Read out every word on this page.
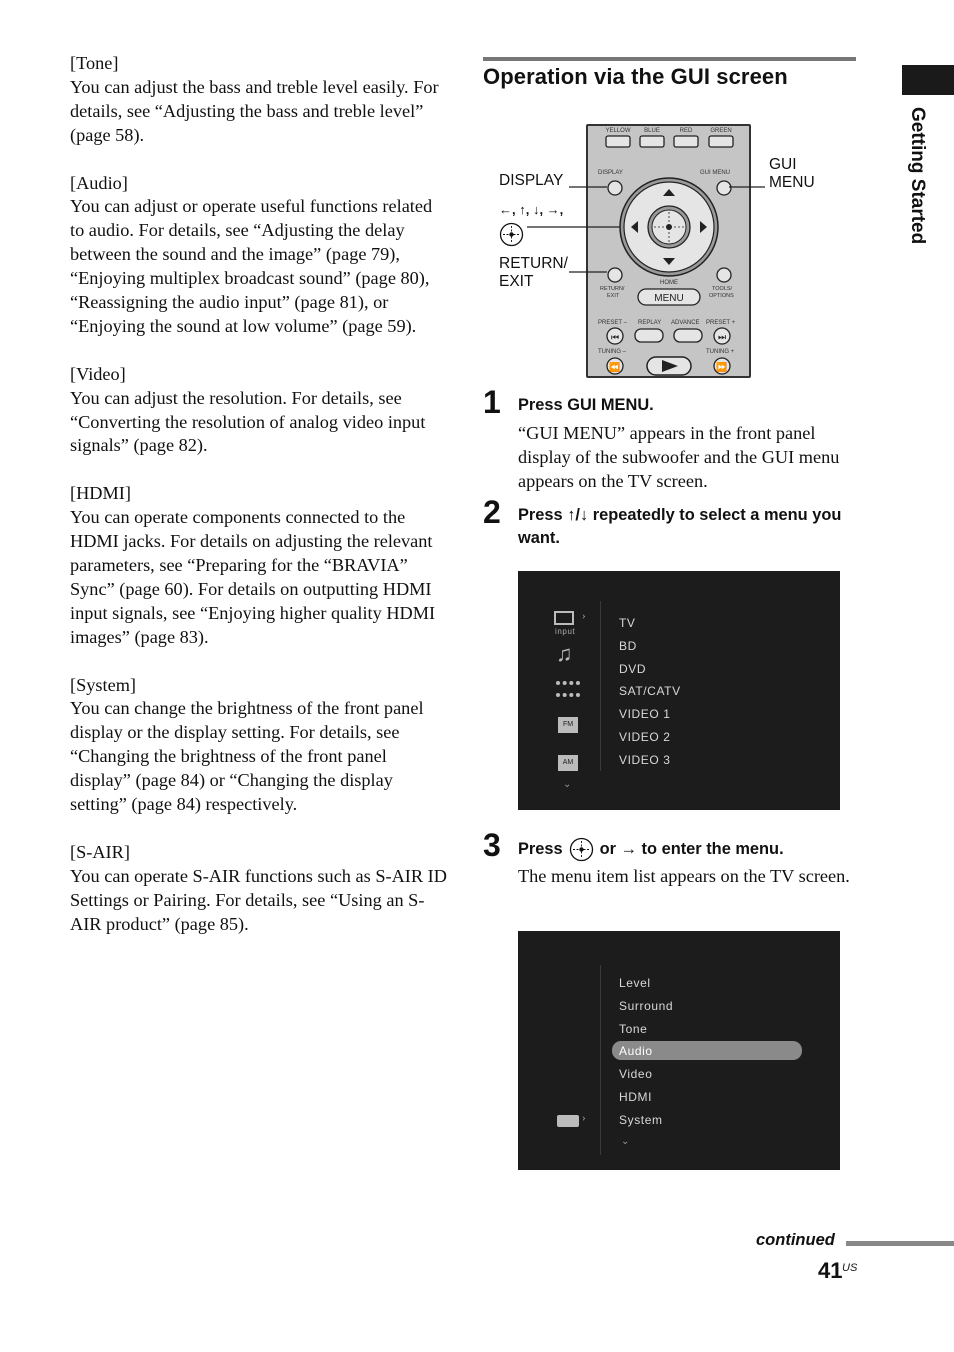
[Tone]

You can adjust the bass and treble level easily. For details, see “Adjusting the bass and treble level” (page 58).

[Audio]

You can adjust or operate useful functions related to audio. For details, see “Adjusting the delay between the sound and the image” (page 79), “Enjoying multiplex broadcast sound” (page 80), “Reassigning the audio input” (page 81), or “Enjoying the sound at low volume” (page 59).

[Video]

You can adjust the resolution. For details, see “Converting the resolution of analog video input signals” (page 82).

[HDMI]

You can operate components connected to the HDMI jacks. For details on adjusting the relevant parameters, see “Preparing for the “BRAVIA” Sync” (page 60). For details on outputting HDMI input signals, see “Enjoying higher quality HDMI images” (page 83).

[System]

You can change the brightness of the front panel display or the display setting. For details, see “Changing the brightness of the front panel display” (page 84) or “Changing the display setting” (page 84) respectively.

[S-AIR]

You can operate S-AIR functions such as S-AIR ID Settings or Pairing. For details, see “Using an S-AIR product” (page 85).

Operation via the GUI screen
Getting Started
YELLOW BLUE	RED	GREEN
DISPLAY	GUI MENU
RETURN/
EXIT
HOME
TOOLS/
OPTIONS
MENU
PRESET – REPLAY ADVANCE PRESET +
TUNING –	TUNING +
⏮	⏭
⏪	⏩
DISPLAY
←, ↑, ↓, →,
RETURN/
EXIT
GUI
MENU
1 Press GUI MENU.
“GUI MENU” appears in the front panel display of the subwoofer and the GUI menu appears on the TV screen.
2 Press ↑/↓ repeatedly to select a menu you want.
›
input
♫
FM
AM
⌄
TV
BD
DVD
SAT/CATV
VIDEO 1
VIDEO 2
VIDEO 3
3 Press or → to enter the menu.
The menu item list appears on the TV screen.
Level
Surround
Tone
Audio
Video
HDMI
System
›
⌄
continued
41 US
